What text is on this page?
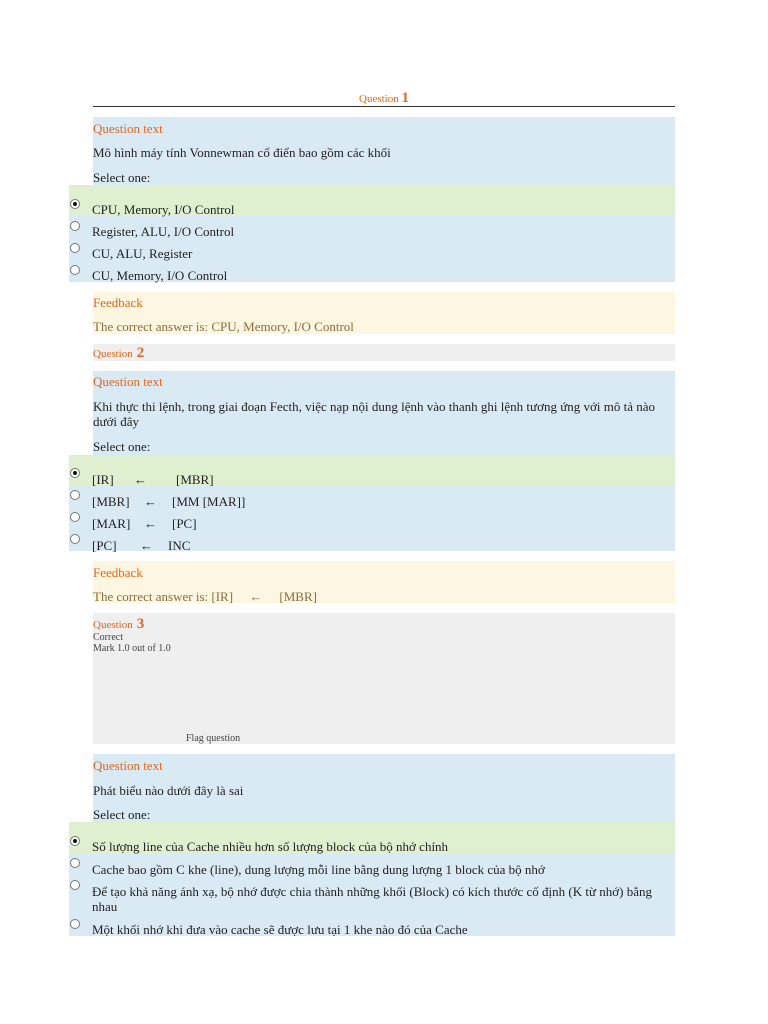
Question 1
Question text
Mô hình máy tính Vonnewman cổ điển bao gồm các khối
Select one:
CPU, Memory, I/O Control
Register, ALU, I/O Control
CU, ALU, Register
CU, Memory, I/O Control
Feedback
The correct answer is: CPU, Memory, I/O Control
Question 2
Question text
Khi thực thi lệnh, trong giai đoạn Fecth, việc nạp nội dung lệnh vào thanh ghi lệnh tương ứng với mô tả nào dưới đây
Select one:
[IR] ← [MBR]
[MBR] ← [MM [MAR]]
[MAR] ← [PC]
[PC] ← INC
Feedback
The correct answer is: [IR] ← [MBR]
Question 3
Correct
Mark 1.0 out of 1.0
Flag question
Question text
Phát biểu nào dưới đây là sai
Select one:
Số lượng line của Cache nhiều hơn số lượng block của bộ nhớ chính
Cache bao gồm C khe (line), dung lượng mỗi line bằng dung lượng 1 block của bộ nhớ
Để tạo khả năng ánh xạ, bộ nhớ được chia thành những khối (Block) có kích thước cố định (K từ nhớ) bằng nhau
Một khối nhớ khi đưa vào cache sẽ được lưu tại 1 khe nào đó của Cache
